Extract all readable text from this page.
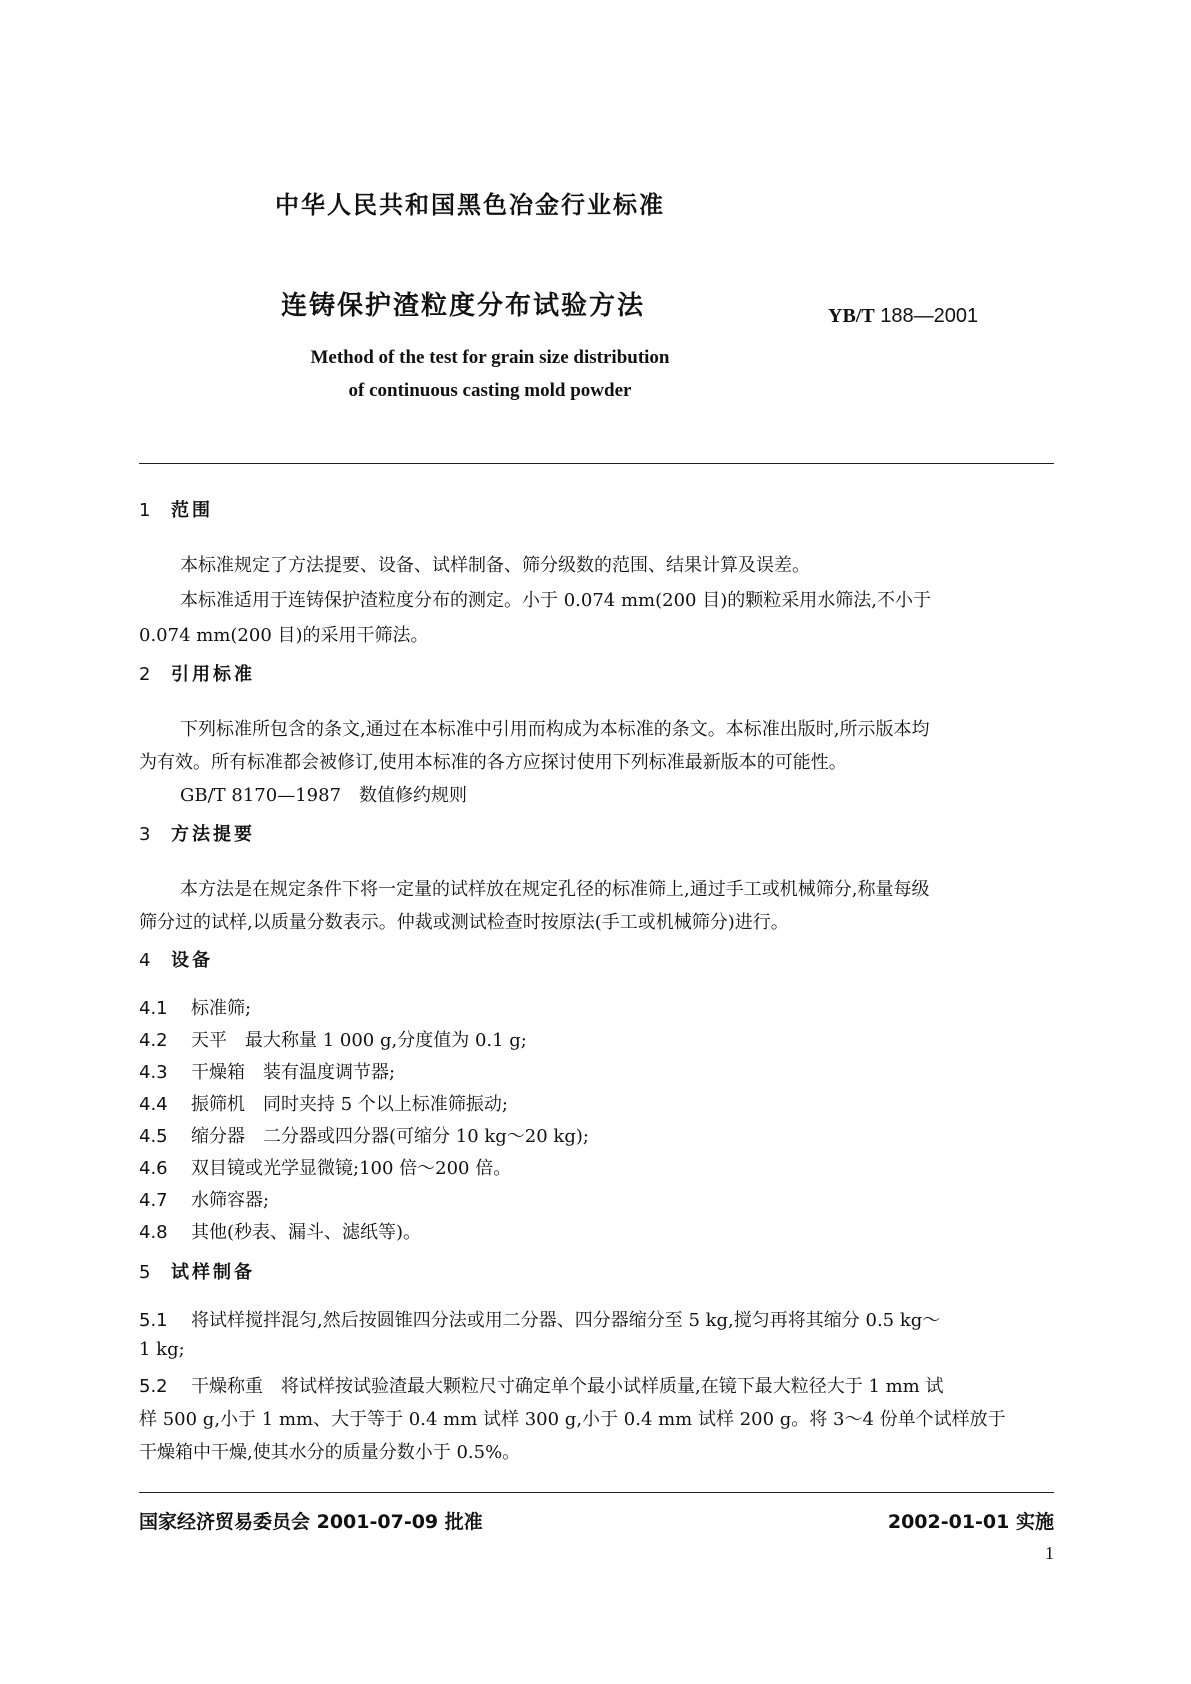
中华人民共和国黑色冶金行业标准
连铸保护渣粒度分布试验方法	YB/T 188—2001
Method of the test for grain size distribution
of continuous casting mold powder
1 范围
本标准规定了方法提要、设备、试样制备、筛分级数的范围、结果计算及误差。
本标准适用于连铸保护渣粒度分布的测定。小于 0.074 mm(200 目)的颗粒采用水筛法,不小于
0.074 mm(200 目)的采用干筛法。
2 引用标准
下列标准所包含的条文,通过在本标准中引用而构成为本标准的条文。本标准出版时,所示版本均
为有效。所有标准都会被修订,使用本标准的各方应探讨使用下列标准最新版本的可能性。
GB/T 8170—1987　数值修约规则
3 方法提要
本方法是在规定条件下将一定量的试样放在规定孔径的标准筛上,通过手工或机械筛分,称量每级
筛分过的试样,以质量分数表示。仲裁或测试检查时按原法(手工或机械筛分)进行。
4 设备
4.1 标准筛;
4.2 天平　最大称量 1 000 g,分度值为 0.1 g;
4.3 干燥箱　装有温度调节器;
4.4 振筛机　同时夹持 5 个以上标准筛振动;
4.5 缩分器　二分器或四分器(可缩分 10 kg～20 kg);
4.6 双目镜或光学显微镜;100 倍～200 倍。
4.7 水筛容器;
4.8 其他(秒表、漏斗、滤纸等)。
5 试样制备
5.1 将试样搅拌混匀,然后按圆锥四分法或用二分器、四分器缩分至 5 kg,搅匀再将其缩分 0.5 kg～
1 kg;
5.2 干燥称重　将试样按试验渣最大颗粒尺寸确定单个最小试样质量,在镜下最大粒径大于 1 mm 试
样 500 g,小于 1 mm、大于等于 0.4 mm 试样 300 g,小于 0.4 mm 试样 200 g。将 3～4 份单个试样放于
干燥箱中干燥,使其水分的质量分数小于 0.5%。
国家经济贸易委员会 2001-07-09 批准	2002-01-01 实施
1
